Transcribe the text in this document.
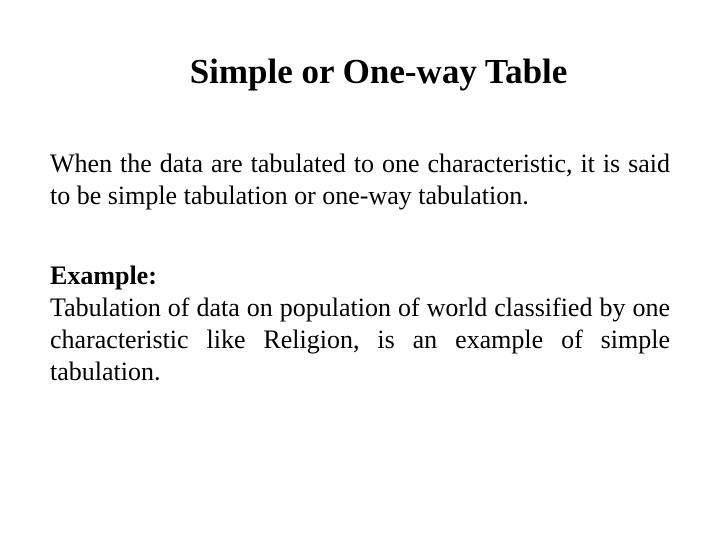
Simple or One-way Table
When the data are tabulated to one characteristic, it is said to be simple tabulation or one-way tabulation.
Example:
Tabulation of data on population of world classified by one characteristic like Religion, is an example of simple tabulation.
